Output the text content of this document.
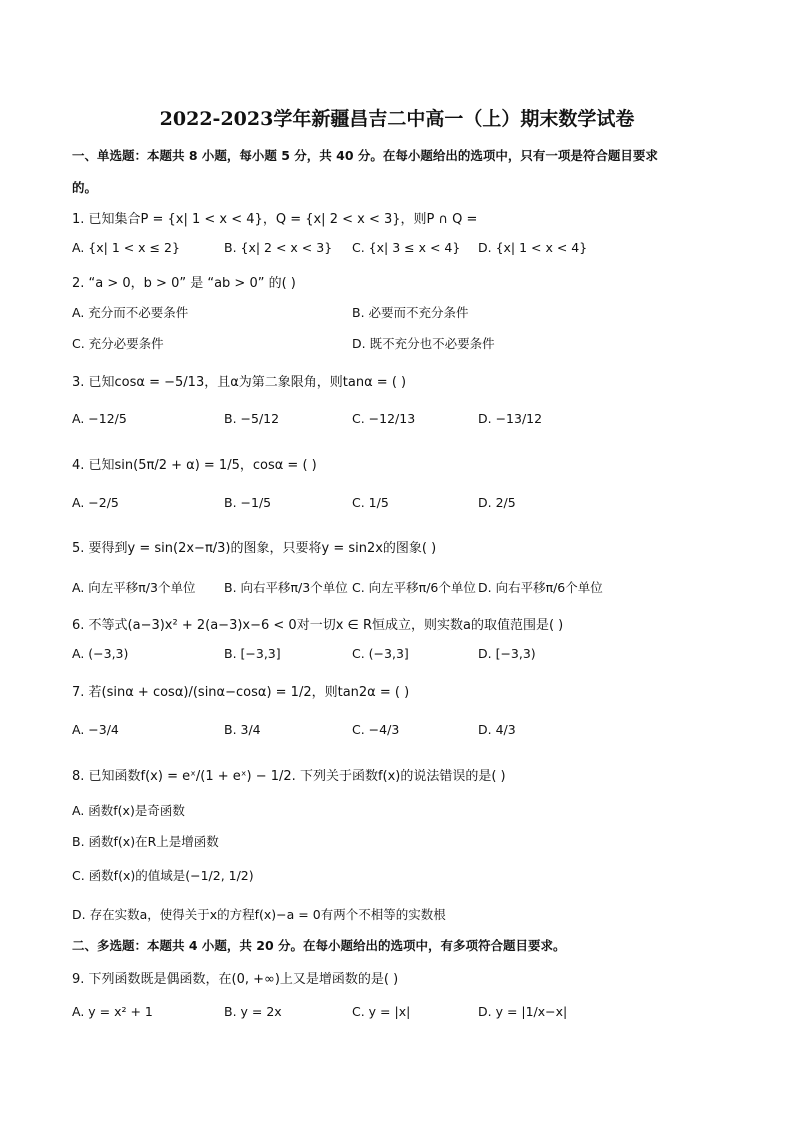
2022-2023学年新疆昌吉二中高一（上）期末数学试卷
一、单选题：本题共 8 小题，每小题 5 分，共 40 分。在每小题给出的选项中，只有一项是符合题目要求
的。
1. 已知集合P = {x| 1 < x < 4}，Q = {x| 2 < x < 3}，则P ∩ Q =
A. {x| 1 < x ≤ 2}	B. {x| 2 < x < 3} C. {x| 3 ≤ x < 4} D. {x| 1 < x < 4}
2. “a > 0，b > 0” 是 “ab > 0” 的( )
A. 充分而不必要条件	B. 必要而不充分条件
C. 充分必要条件	D. 既不充分也不必要条件
3. 已知cosα = −5/13，且α为第二象限角，则tanα = ( )
A. −12/5	B. −5/12	C. −12/13	D. −13/12
4. 已知sin(5π/2 + α) = 1/5，cosα = ( )
A. −2/5	B. −1/5	C. 1/5	D. 2/5
5. 要得到y = sin(2x−π/3)的图象，只要将y = sin2x的图象( )
A. 向左平移π/3个单位 B. 向右平移π/3个单位 C. 向左平移π/6个单位 D. 向右平移π/6个单位
6. 不等式(a−3)x² + 2(a−3)x−6 < 0对一切x ∈ R恒成立，则实数a的取值范围是( )
A. (−3,3)	B. [−3,3]	C. (−3,3]	D. [−3,3)
7. 若(sinα + cosα)/(sinα−cosα) = 1/2，则tan2α = ( )
A. −3/4	B. 3/4	C. −4/3	D. 4/3
8. 已知函数f(x) = eˣ/(1 + eˣ) − 1/2. 下列关于函数f(x)的说法错误的是( )
A. 函数f(x)是奇函数
B. 函数f(x)在R上是增函数
C. 函数f(x)的值域是(−1/2, 1/2)
D. 存在实数a，使得关于x的方程f(x)−a = 0有两个不相等的实数根
二、多选题：本题共 4 小题，共 20 分。在每小题给出的选项中，有多项符合题目要求。
9. 下列函数既是偶函数，在(0, +∞)上又是增函数的是( )
A. y = x² + 1	B. y = 2x	C. y = |x|	D. y = |1/x−x|
